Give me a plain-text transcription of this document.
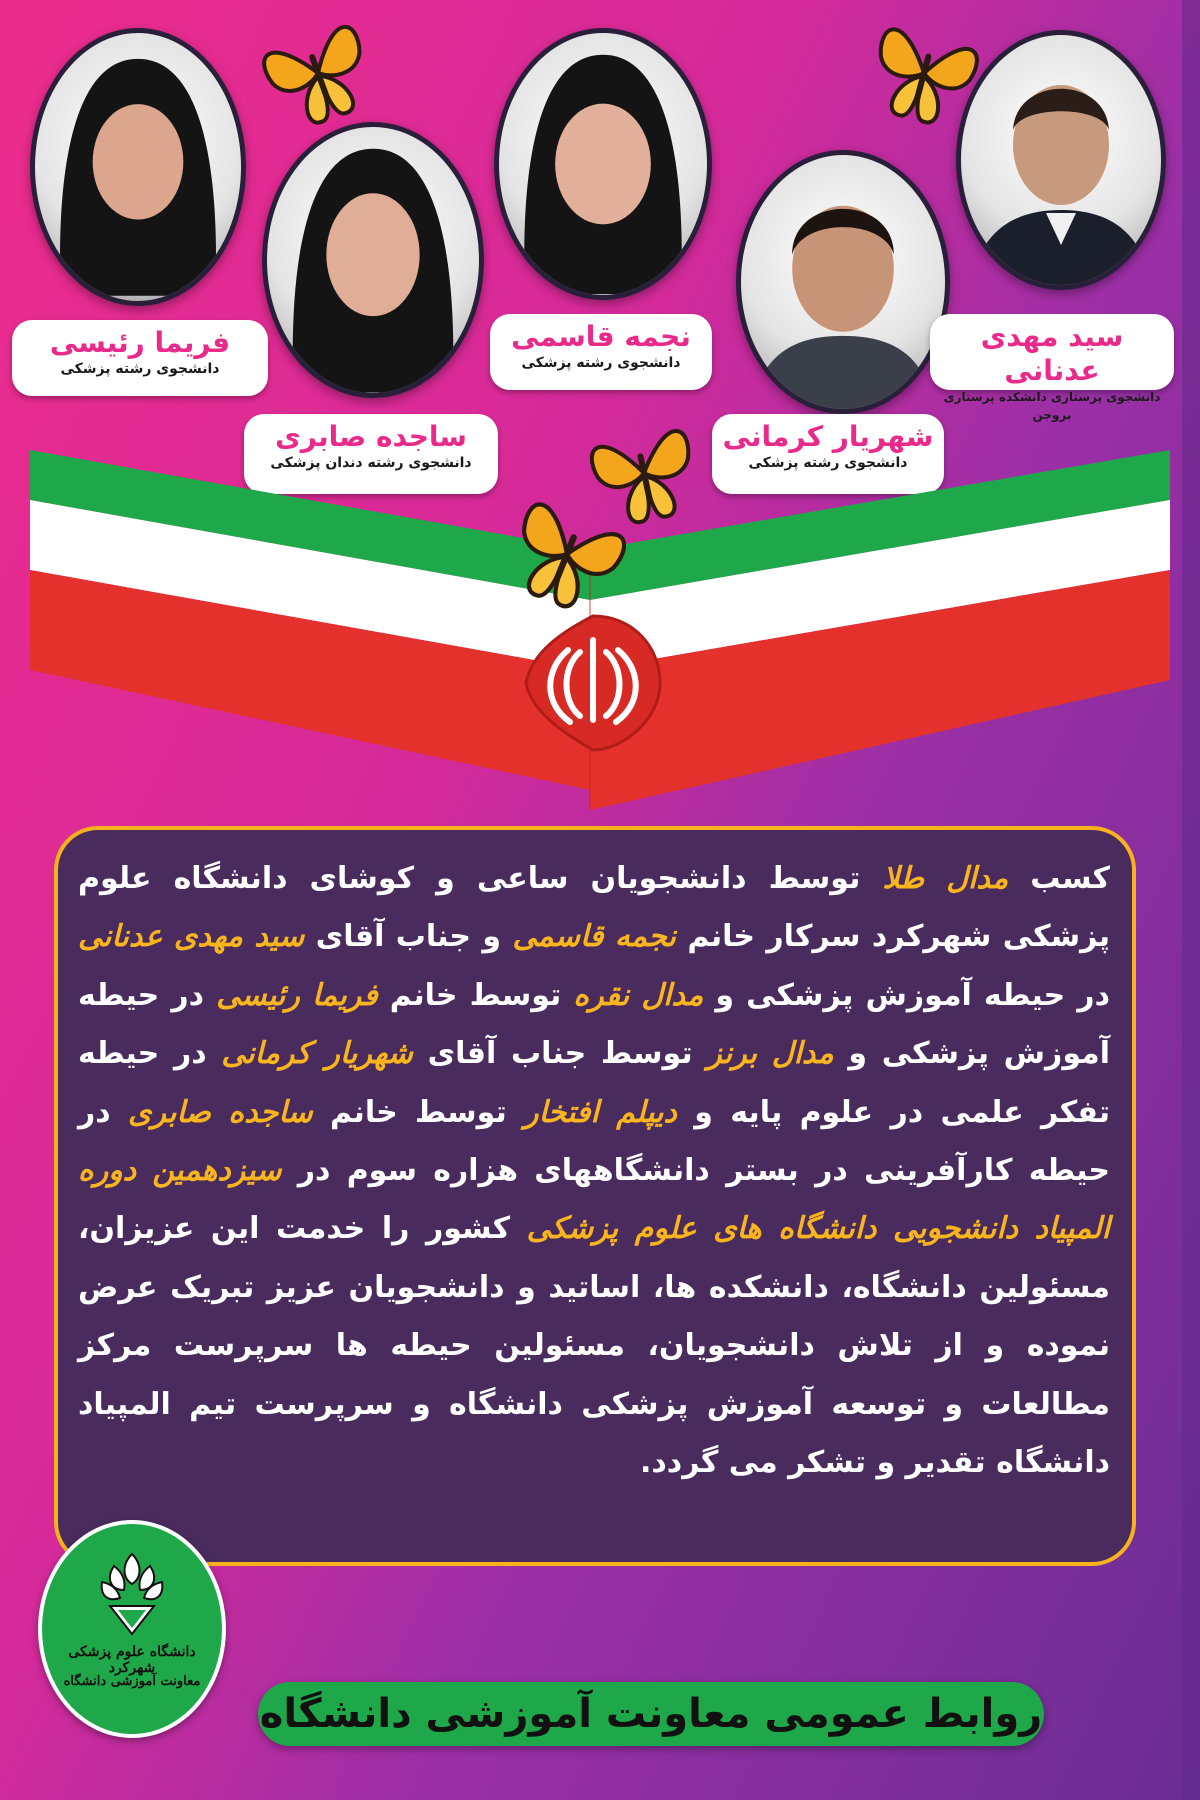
سید مهدی عدنانی
دانشجوی پرستاری دانشکده پرستاری بروجن
شهریار کرمانی
دانشجوی رشته پزشکی
نجمه قاسمی
دانشجوی رشته پزشکی
ساجده صابری
دانشجوی رشته دندان پزشکی
فریما رئیسی
دانشجوی رشته پزشکی
کسب مدال طلا توسط دانشجویان ساعی و کوشای دانشگاه علوم پزشکی شهرکرد سرکار خانم نجمه قاسمی و جناب آقای سید مهدی عدنانی در حیطه آموزش پزشکی و مدال نقره توسط خانم فریما رئیسی در حیطه آموزش پزشکی و مدال برنز توسط جناب آقای شهریار کرمانی در حیطه تفکر علمی در علوم پایه و دیپلم افتخار توسط خانم ساجده صابری در حیطه کارآفرینی در بستر دانشگاههای هزاره سوم در سیزدهمین دوره المپیاد دانشجویی دانشگاه های علوم پزشکی کشور را خدمت این عزیزان، مسئولین دانشگاه، دانشکده ها، اساتید و دانشجویان عزیز تبریک عرض نموده و از تلاش دانشجویان، مسئولین حیطه ها سرپرست مرکز مطالعات و توسعه آموزش پزشکی دانشگاه و سرپرست تیم المپیاد دانشگاه تقدیر و تشکر می گردد.
دانشگاه علوم پزشکی شهرکرد
معاونت آموزشی دانشگاه
روابط عمومی معاونت آموزشی دانشگاه
